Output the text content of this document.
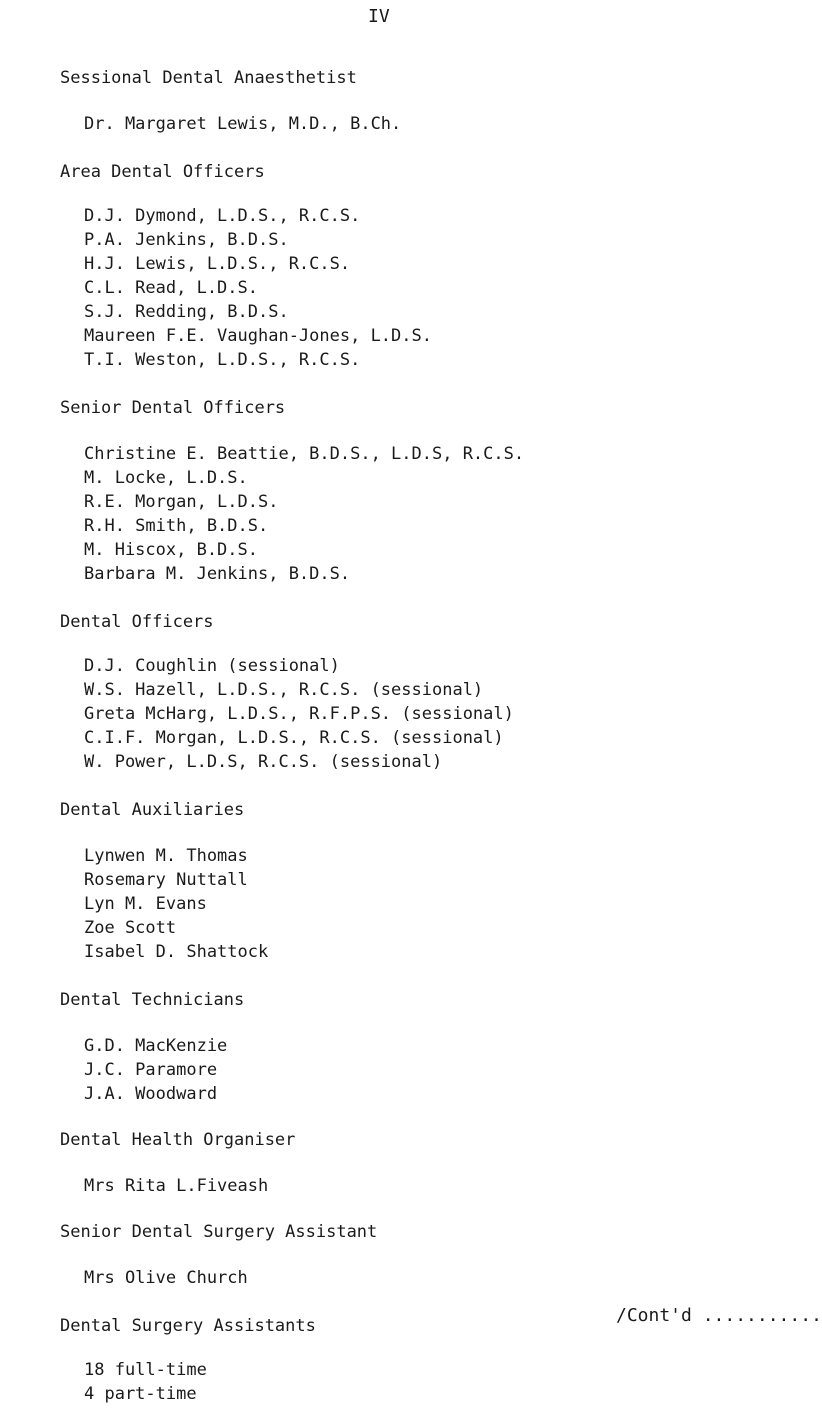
IV
Sessional Dental Anaesthetist
Dr. Margaret Lewis, M.D., B.Ch.
Area Dental Officers
D.J. Dymond, L.D.S., R.C.S.
P.A. Jenkins, B.D.S.
H.J. Lewis, L.D.S., R.C.S.
C.L. Read, L.D.S.
S.J. Redding, B.D.S.
Maureen F.E. Vaughan-Jones, L.D.S.
T.I. Weston, L.D.S., R.C.S.
Senior Dental Officers
Christine E. Beattie, B.D.S., L.D.S, R.C.S.
M. Locke, L.D.S.
R.E. Morgan, L.D.S.
R.H. Smith, B.D.S.
M. Hiscox, B.D.S.
Barbara M. Jenkins, B.D.S.
Dental Officers
D.J. Coughlin (sessional)
W.S. Hazell, L.D.S., R.C.S. (sessional)
Greta McHarg, L.D.S., R.F.P.S. (sessional)
C.I.F. Morgan, L.D.S., R.C.S. (sessional)
W. Power, L.D.S, R.C.S. (sessional)
Dental Auxiliaries
Lynwen M. Thomas
Rosemary Nuttall
Lyn M. Evans
Zoe Scott
Isabel D. Shattock
Dental Technicians
G.D. MacKenzie
J.C. Paramore
J.A. Woodward
Dental Health Organiser
Mrs Rita L.Fiveash
Senior Dental Surgery Assistant
Mrs Olive Church
Dental Surgery Assistants
18 full-time
4 part-time
/Cont'd ...........
